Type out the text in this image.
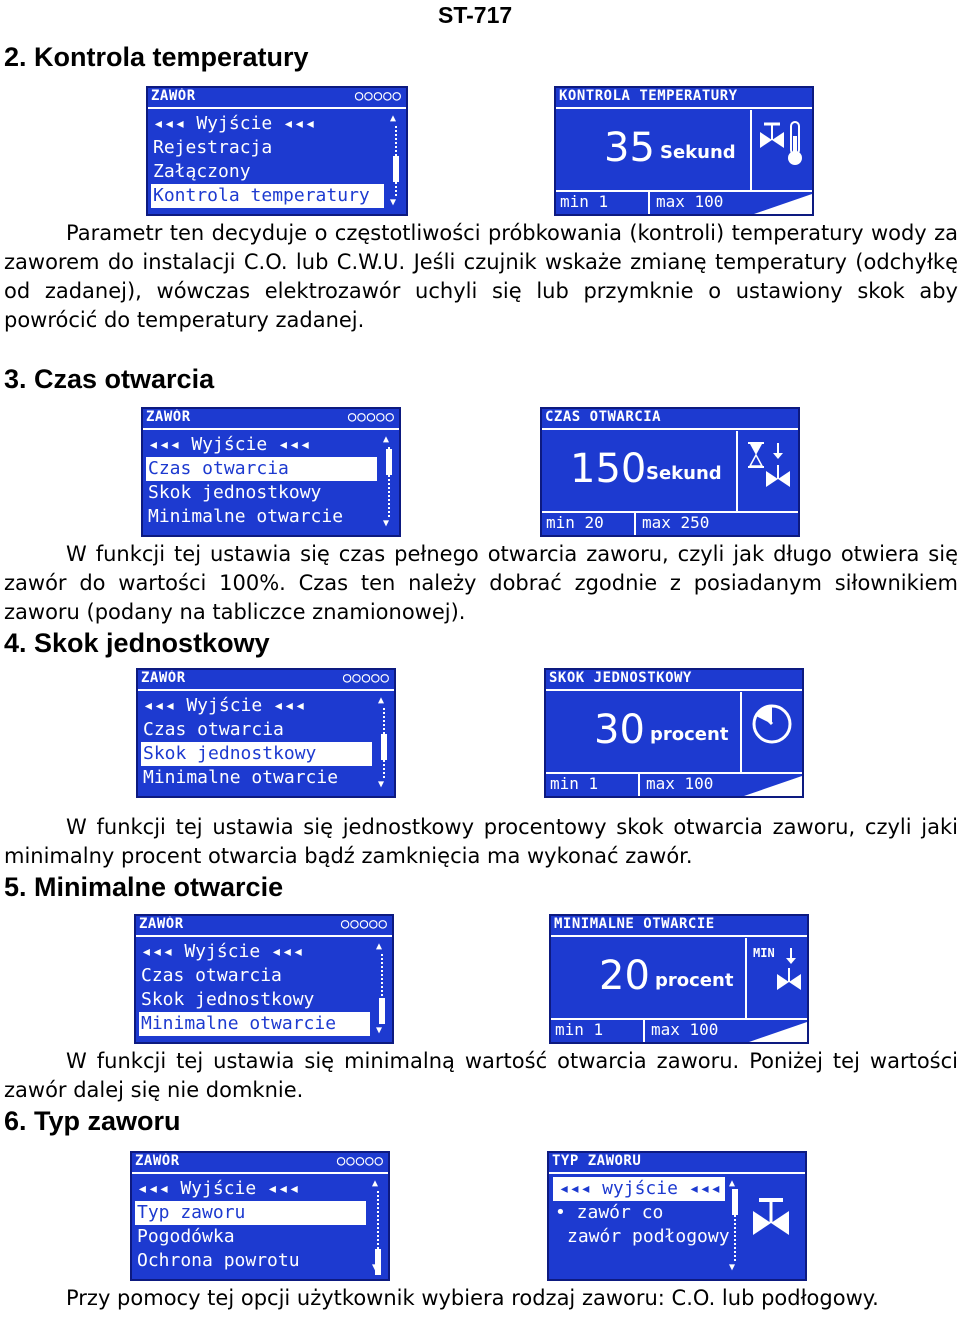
ST-717
2. Kontrola temperatury
ZAWÓR	○○○○○
◂◂◂ Wyjście ◂◂◂
Rejestracja
Załączony
Kontrola temperatury
▲
▼
KONTROLA TEMPERATURY
35 Sekund
min 1	max 100
Parametr ten decyduje o częstotliwości próbkowania (kontroli) temperatury wody za zaworem do instalacji C.O. lub C.W.U. Jeśli czujnik wskaże zmianę temperatury (odchyłkę od zadanej), wówczas elektrozawór uchyli się lub przymknie o ustawiony skok aby powrócić do temperatury zadanej.
3. Czas otwarcia
ZAWÓR	○○○○○
◂◂◂ Wyjście ◂◂◂
Czas otwarcia
Skok jednostkowy
Minimalne otwarcie
▲
▼
CZAS OTWARCIA
150 Sekund
min 20 max 250
W funkcji tej ustawia się czas pełnego otwarcia zaworu, czyli jak długo otwiera się zawór do wartości 100%. Czas ten należy dobrać zgodnie z posiadanym siłownikiem zaworu (podany na tabliczce znamionowej).
4. Skok jednostkowy
ZAWÓR	○○○○○
◂◂◂ Wyjście ◂◂◂
Czas otwarcia
Skok jednostkowy
Minimalne otwarcie
▲
▼
SKOK JEDNOSTKOWY
30 procent
min 1	max 100
W funkcji tej ustawia się jednostkowy procentowy skok otwarcia zaworu, czyli jaki minimalny procent otwarcia bądź zamknięcia ma wykonać zawór.
5. Minimalne otwarcie
ZAWÓR	○○○○○
◂◂◂ Wyjście ◂◂◂
Czas otwarcia
Skok jednostkowy
Minimalne otwarcie
▲
▼
MINIMALNE OTWARCIE
20 procent
MIN
min 1	max 100
W funkcji tej ustawia się minimalną wartość otwarcia zaworu. Poniżej tej wartości zawór dalej się nie domknie.
6. Typ zaworu
ZAWÓR	○○○○○
◂◂◂ Wyjście ◂◂◂
Typ zaworu
Pogodówka
Ochrona powrotu
▲
▼
TYP ZAWORU
◂◂◂ wyjście ◂◂◂
• zawór co
zawór podłogowy
▲
▼
Przy pomocy tej opcji użytkownik wybiera rodzaj zaworu: C.O. lub podłogowy.
